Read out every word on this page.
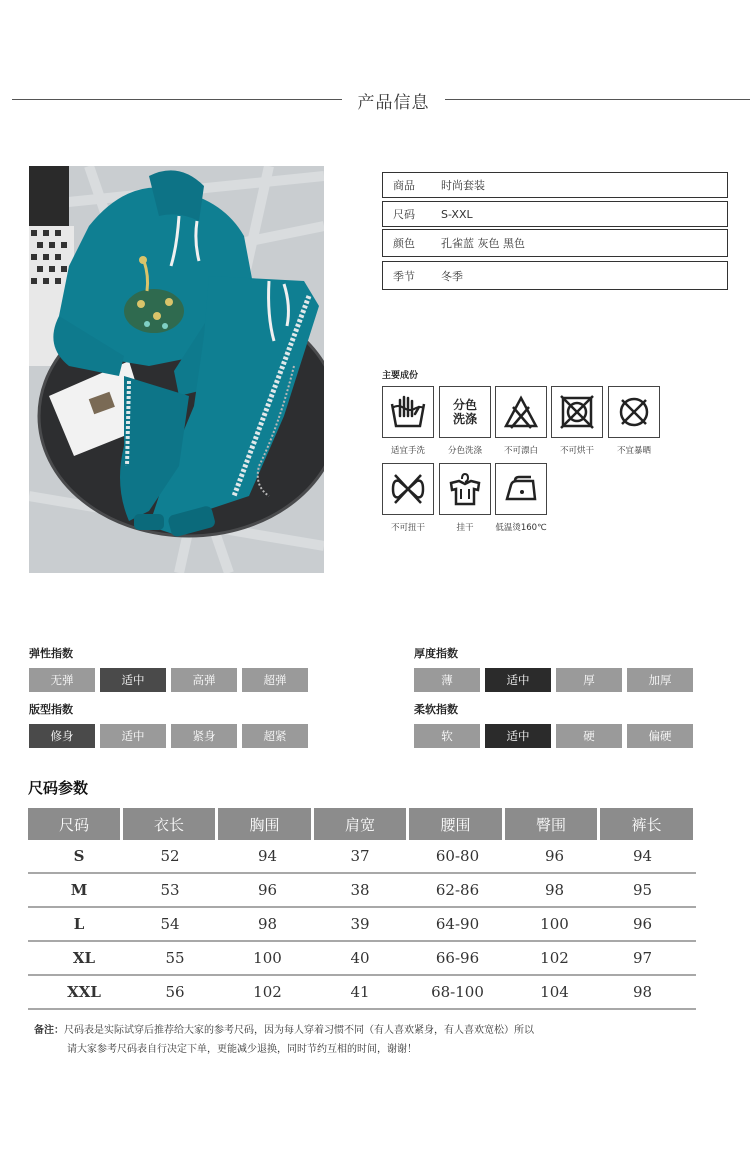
产品信息
商品	时尚套装
尺码	S-XXL
颜色	孔雀蓝 灰色 黑色
季节	冬季
主要成份
适宜手洗
分色
洗涤
分色洗涤	不可漂白	不可烘干	不宜暴晒
不可扭干	挂干	低温烫160℃
弹性指数
无弹	适中	高弹	超弹
厚度指数
薄	适中	厚	加厚
版型指数
修身	适中	紧身	超紧
柔软指数
软	适中	硬	偏硬
尺码参数
尺码	衣长	胸围	肩宽	腰围	臀围	裤长
S	52	94	37	60-80	96	94
M	53	96	38	62-86	98	95
L	54	98	39	64-90	100	96
XL	55	100	40	66-96	102	97
XXL	56	102	41	68-100	104	98
备注：尺码表是实际试穿后推荐给大家的参考尺码，因为每人穿着习惯不同（有人喜欢紧身，有人喜欢宽松）所以
请大家参考尺码表自行决定下单，更能减少退换，同时节约互相的时间，谢谢！
